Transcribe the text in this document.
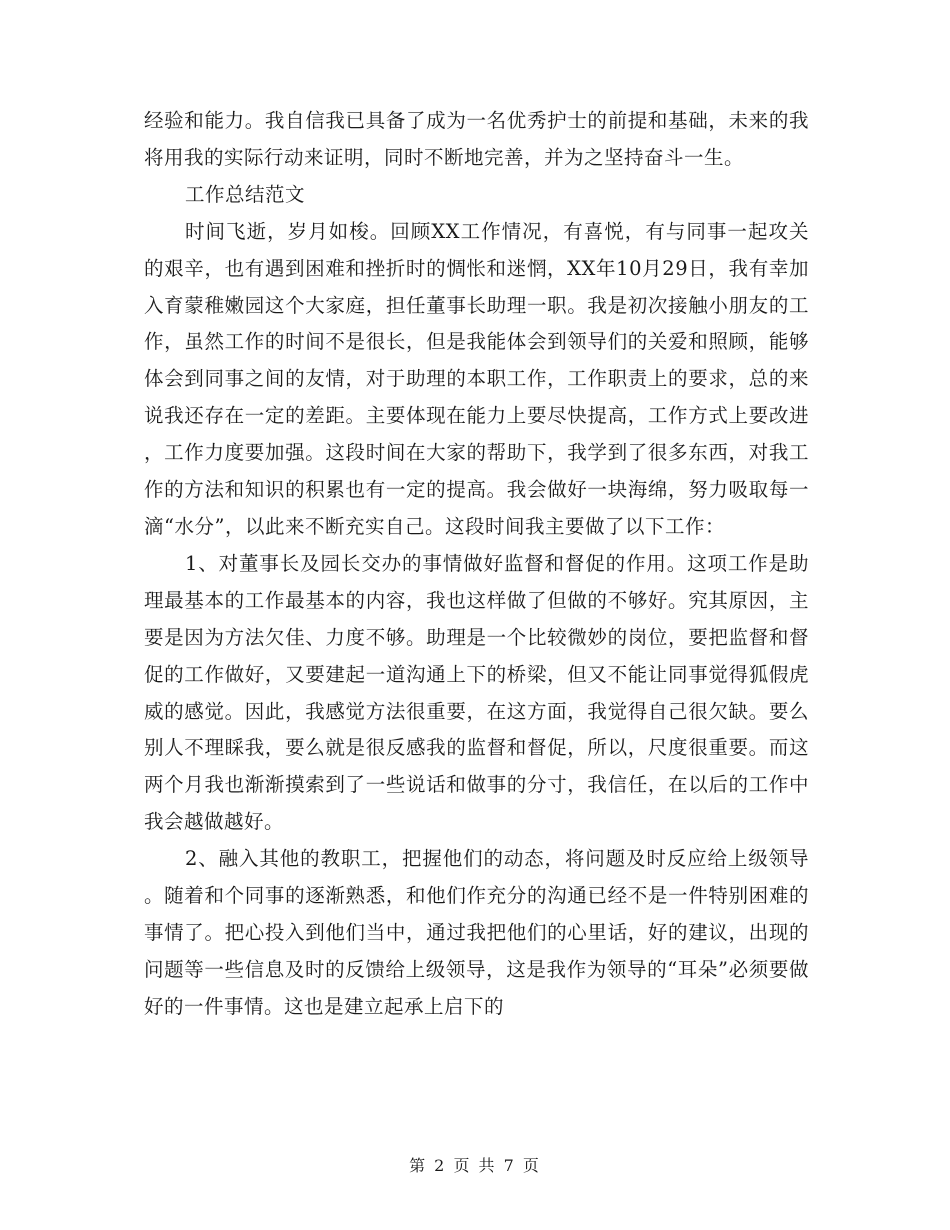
经验和能力。我自信我已具备了成为一名优秀护士的前提和基础，未来的我将用我的实际行动来证明，同时不断地完善，并为之坚持奋斗一生。

工作总结范文

时间飞逝，岁月如梭。回顾XX工作情况，有喜悦，有与同事一起攻关的艰辛，也有遇到困难和挫折时的惆怅和迷惘，XX年10月29日，我有幸加入育蒙稚嫩园这个大家庭，担任董事长助理一职。我是初次接触小朋友的工作，虽然工作的时间不是很长，但是我能体会到领导们的关爱和照顾，能够体会到同事之间的友情，对于助理的本职工作，工作职责上的要求，总的来说我还存在一定的差距。主要体现在能力上要尽快提高，工作方式上要改进，工作力度要加强。这段时间在大家的帮助下，我学到了很多东西，对我工作的方法和知识的积累也有一定的提高。我会做好一块海绵，努力吸取每一滴“水分”，以此来不断充实自己。这段时间我主要做了以下工作：

1、对董事长及园长交办的事情做好监督和督促的作用。这项工作是助理最基本的工作最基本的内容，我也这样做了但做的不够好。究其原因，主要是因为方法欠佳、力度不够。助理是一个比较微妙的岗位，要把监督和督促的工作做好，又要建起一道沟通上下的桥梁，但又不能让同事觉得狐假虎威的感觉。因此，我感觉方法很重要，在这方面，我觉得自己很欠缺。要么别人不理睬我，要么就是很反感我的监督和督促，所以，尺度很重要。而这两个月我也渐渐摸索到了一些说话和做事的分寸，我信任，在以后的工作中我会越做越好。

2、融入其他的教职工，把握他们的动态，将问题及时反应给上级领导。随着和个同事的逐渐熟悉，和他们作充分的沟通已经不是一件特别困难的事情了。把心投入到他们当中，通过我把他们的心里话，好的建议，出现的问题等一些信息及时的反馈给上级领导，这是我作为领导的“耳朵”必须要做好的一件事情。这也是建立起承上启下的

第 2 页 共 7 页
